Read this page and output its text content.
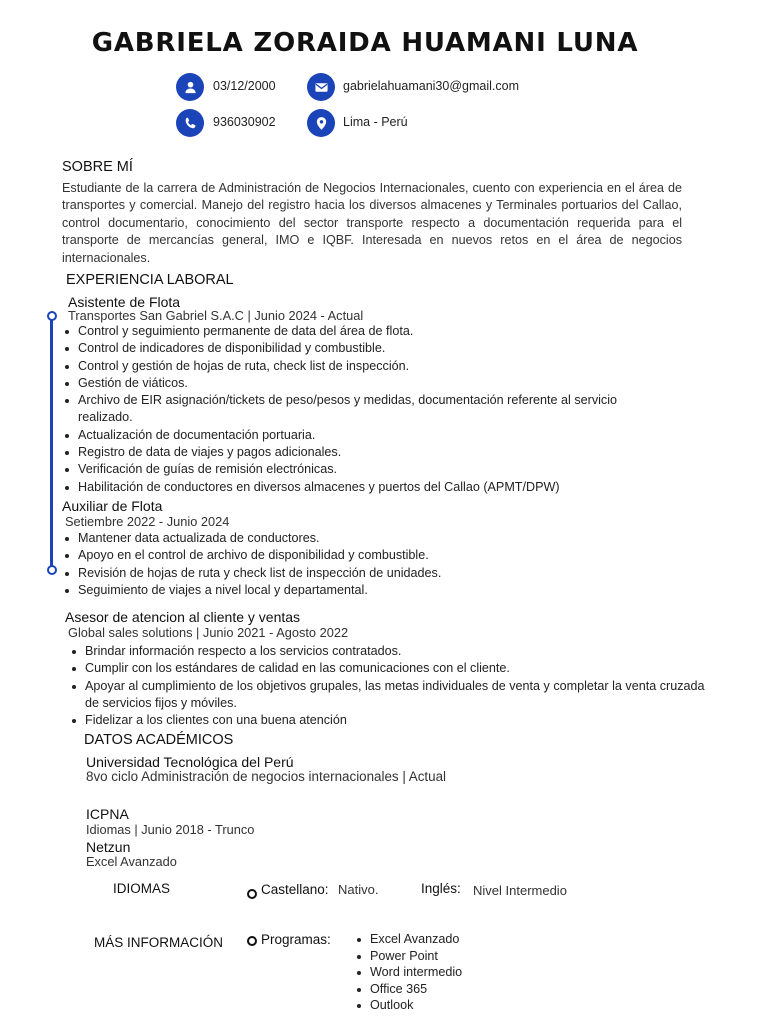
GABRIELA ZORAIDA HUAMANI LUNA
03/12/2000	gabrielahuamani30@gmail.com
936030902	Lima - Perú
SOBRE MÍ
Estudiante de la carrera de Administración de Negocios Internacionales, cuento con experiencia en el área de transportes y comercial. Manejo del registro hacia los diversos almacenes y Terminales portuarios del Callao, control documentario, conocimiento del sector transporte respecto a documentación requerida para el transporte de mercancías general, IMO e IQBF. Interesada en nuevos retos en el área de negocios internacionales.
EXPERIENCIA LABORAL
Asistente de Flota
Transportes San Gabriel S.A.C | Junio 2024 - Actual
Control y seguimiento permanente de data del área de flota.
Control de indicadores de disponibilidad y combustible.
Control y gestión de hojas de ruta, check list de inspección.
Gestión de viáticos.
Archivo de EIR asignación/tickets de peso/pesos y medidas, documentación referente al servicio realizado.
Actualización de documentación portuaria.
Registro de data de viajes y pagos adicionales.
Verificación de guías de remisión electrónicas.
Habilitación de conductores en diversos almacenes y puertos del Callao (APMT/DPW)
Auxiliar de Flota
Setiembre 2022 - Junio 2024
Mantener data actualizada de conductores.
Apoyo en el control de archivo de disponibilidad y combustible.
Revisión de hojas de ruta y check list de inspección de unidades.
Seguimiento de viajes a nivel local y departamental.
Asesor de atencion al cliente y ventas
Global sales solutions | Junio 2021 - Agosto 2022
Brindar información respecto a los servicios contratados.
Cumplir con los estándares de calidad en las comunicaciones con el cliente.
Apoyar al cumplimiento de los objetivos grupales, las metas individuales de venta y completar la venta cruzada de servicios fijos y móviles.
Fidelizar a los clientes con una buena atención
DATOS ACADÉMICOS
Universidad Tecnológica del Perú
8vo ciclo Administración de negocios internacionales | Actual
ICPNA
Idiomas | Junio 2018 - Trunco
Netzun
Excel Avanzado
IDIOMAS	Castellano: Nativo.	Inglés: Nivel Intermedio
MÁS INFORMACIÓN	Programas:	Excel Avanzado
Power Point
Word intermedio
Office 365
Outlook
